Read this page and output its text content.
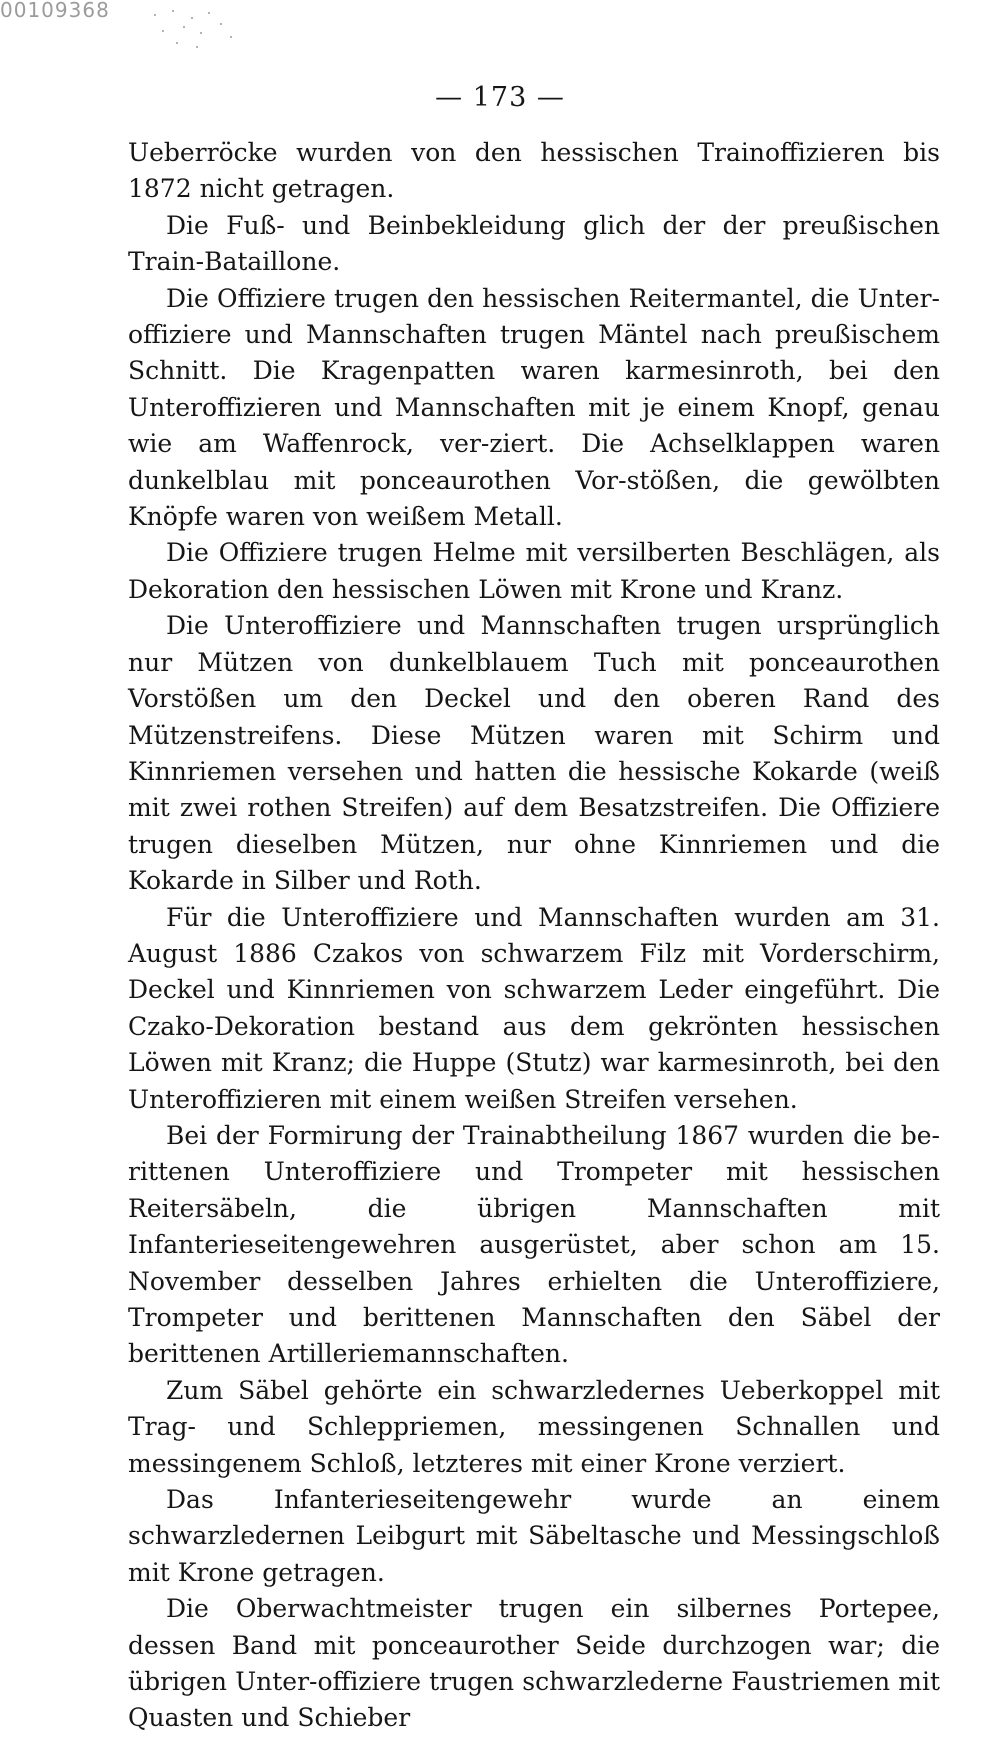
00109368
— 173 —

Ueberröcke wurden von den hessischen Trainoffizieren bis 1872 nicht getragen.

Die Fuß- und Beinbekleidung glich der der preußischen Train-Bataillone.

Die Offiziere trugen den hessischen Reitermantel, die Unter-offiziere und Mannschaften trugen Mäntel nach preußischem Schnitt. Die Kragenpatten waren karmesinroth, bei den Unteroffizieren und Mannschaften mit je einem Knopf, genau wie am Waffenrock, ver-ziert. Die Achselklappen waren dunkelblau mit ponceaurothen Vor-stößen, die gewölbten Knöpfe waren von weißem Metall.

Die Offiziere trugen Helme mit versilberten Beschlägen, als Dekoration den hessischen Löwen mit Krone und Kranz.

Die Unteroffiziere und Mannschaften trugen ursprünglich nur Mützen von dunkelblauem Tuch mit ponceaurothen Vorstößen um den Deckel und den oberen Rand des Mützenstreifens. Diese Mützen waren mit Schirm und Kinnriemen versehen und hatten die hessische Kokarde (weiß mit zwei rothen Streifen) auf dem Besatzstreifen. Die Offiziere trugen dieselben Mützen, nur ohne Kinnriemen und die Kokarde in Silber und Roth.

Für die Unteroffiziere und Mannschaften wurden am 31. August 1886 Czakos von schwarzem Filz mit Vorderschirm, Deckel und Kinnriemen von schwarzem Leder eingeführt. Die Czako-Dekoration bestand aus dem gekrönten hessischen Löwen mit Kranz; die Huppe (Stutz) war karmesinroth, bei den Unteroffizieren mit einem weißen Streifen versehen.

Bei der Formirung der Trainabtheilung 1867 wurden die be-rittenen Unteroffiziere und Trompeter mit hessischen Reitersäbeln, die übrigen Mannschaften mit Infanterieseitengewehren ausgerüstet, aber schon am 15. November desselben Jahres erhielten die Unteroffiziere, Trompeter und berittenen Mannschaften den Säbel der berittenen Artilleriemannschaften.

Zum Säbel gehörte ein schwarzledernes Ueberkoppel mit Trag- und Schleppriemen, messingenen Schnallen und messingenem Schloß, letzteres mit einer Krone verziert.

Das Infanterieseitengewehr wurde an einem schwarzledernen Leibgurt mit Säbeltasche und Messingschloß mit Krone getragen.

Die Oberwachtmeister trugen ein silbernes Portepee, dessen Band mit ponceaurother Seide durchzogen war; die übrigen Unter-offiziere trugen schwarzlederne Faustriemen mit Quasten und Schieber
